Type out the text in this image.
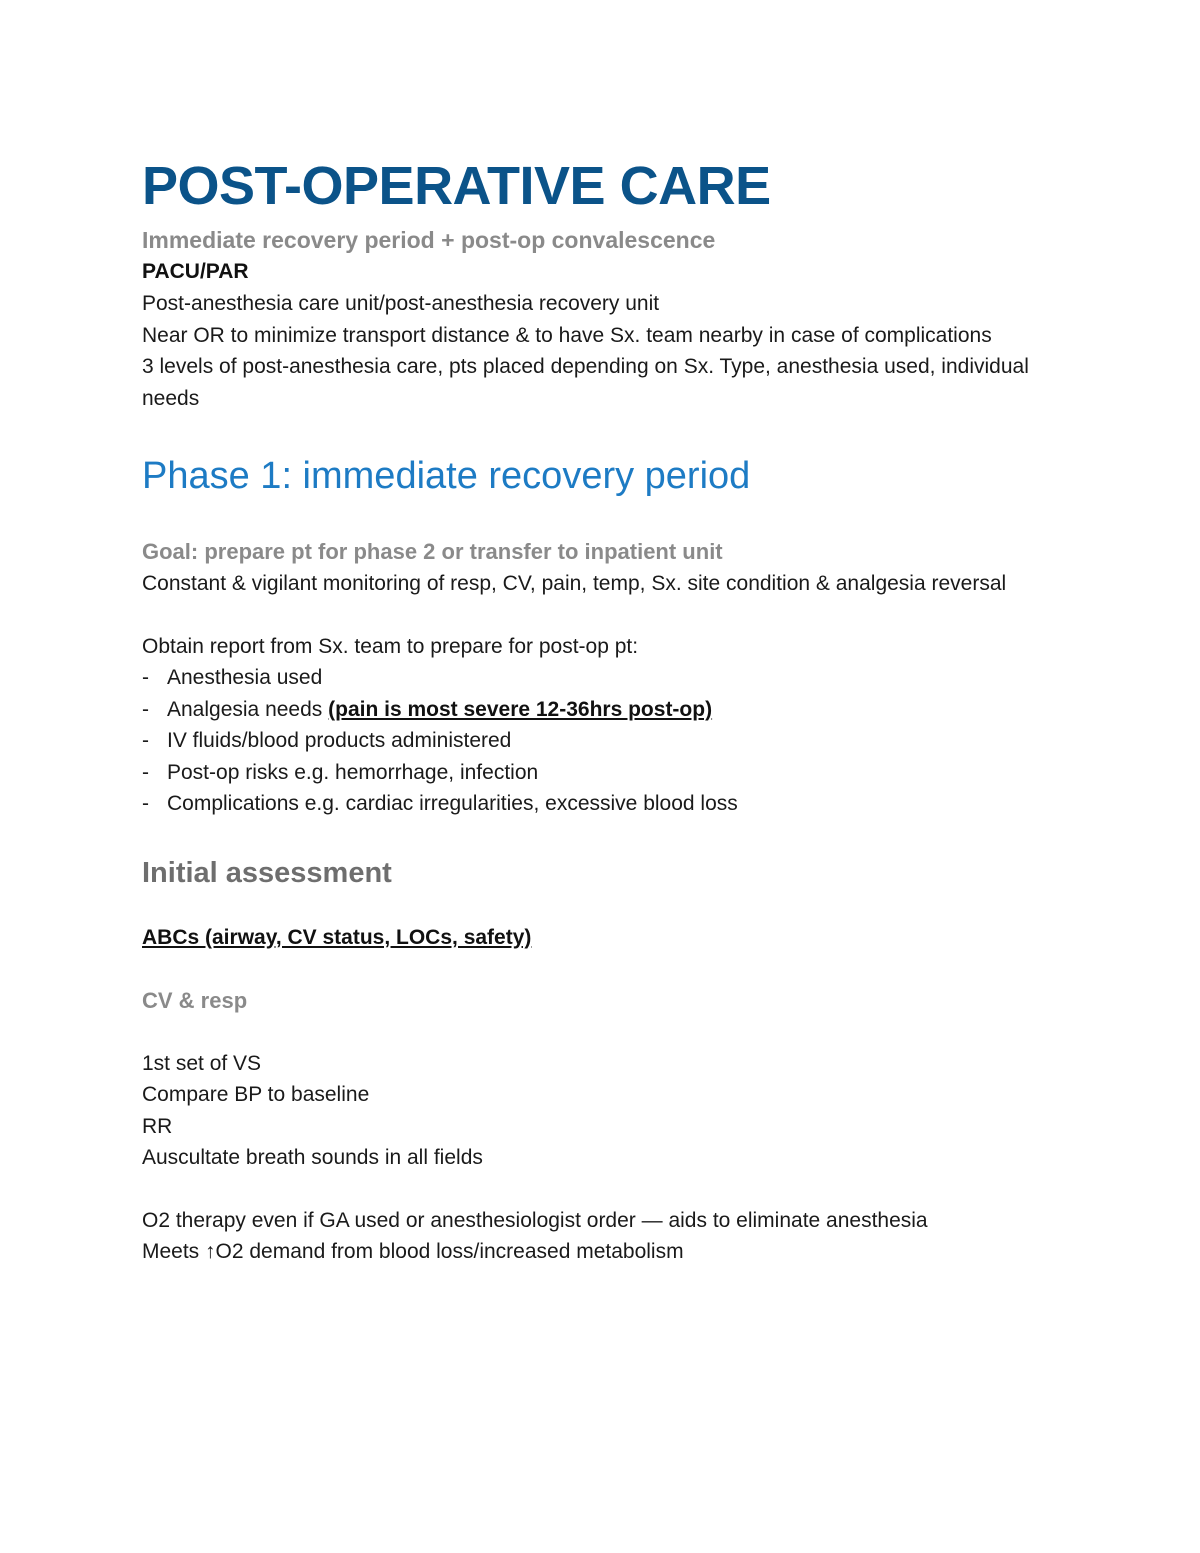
POST-OPERATIVE CARE
Immediate recovery period + post-op convalescence
PACU/PAR
Post-anesthesia care unit/post-anesthesia recovery unit
Near OR to minimize transport distance & to have Sx. team nearby in case of complications
3 levels of post-anesthesia care, pts placed depending on Sx. Type, anesthesia used, individual needs
Phase 1: immediate recovery period
Goal: prepare pt for phase 2 or transfer to inpatient unit
Constant & vigilant monitoring of resp, CV, pain, temp, Sx. site condition & analgesia reversal
Obtain report from Sx. team to prepare for post-op pt:
- Anesthesia used
- Analgesia needs (pain is most severe 12-36hrs post-op)
- IV fluids/blood products administered
- Post-op risks e.g. hemorrhage, infection
- Complications e.g. cardiac irregularities, excessive blood loss
Initial assessment
ABCs (airway, CV status, LOCs, safety)
CV & resp
1st set of VS
Compare BP to baseline
RR
Auscultate breath sounds in all fields
O2 therapy even if GA used or anesthesiologist order — aids to eliminate anesthesia
Meets ↑O2 demand from blood loss/increased metabolism
